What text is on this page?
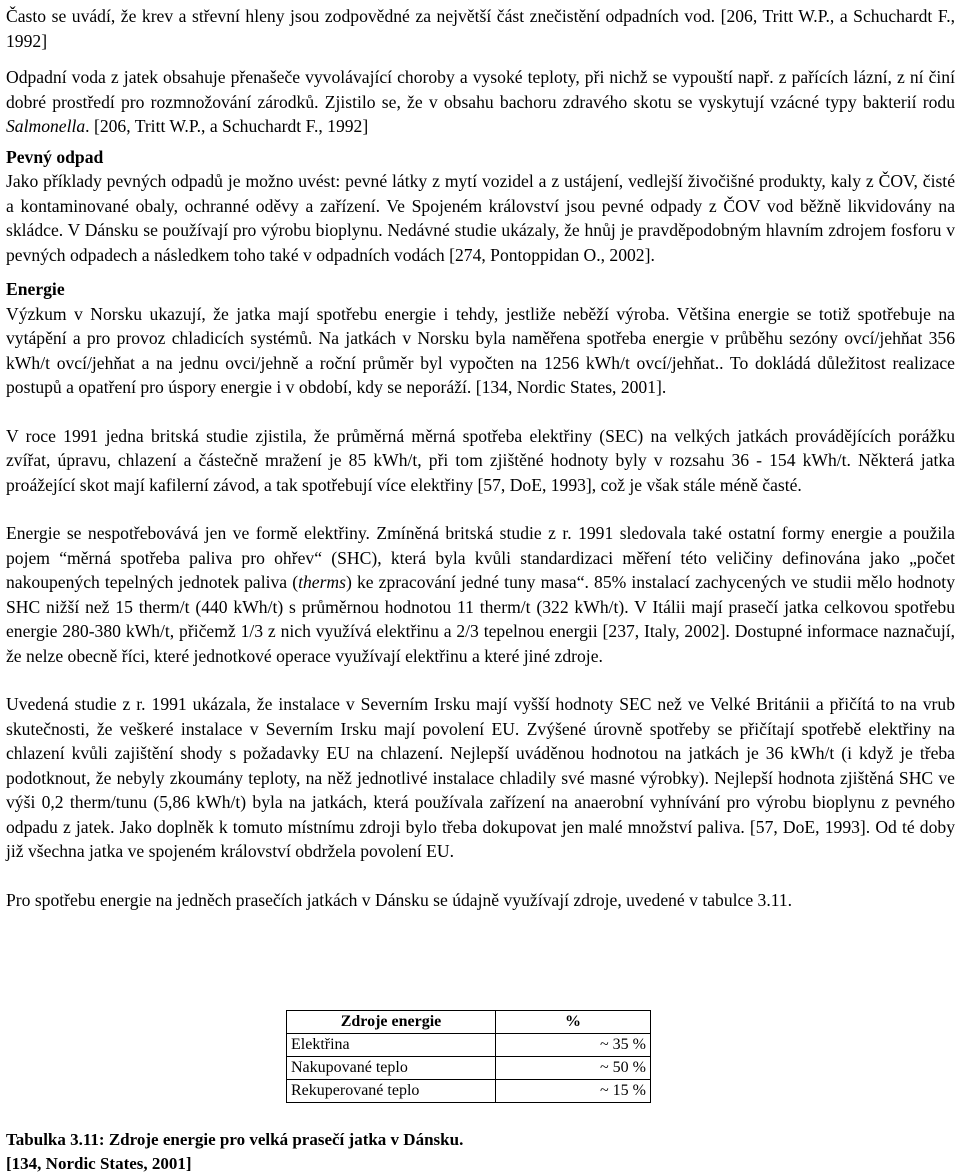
Často se uvádí, že krev a střevní hleny jsou zodpovědné za největší část znečistění odpadních vod. [206, Tritt W.P., a Schuchardt F., 1992]

Odpadní voda z jatek obsahuje přenašeče vyvolávající choroby a vysoké teploty, při nichž se vypouští např. z pařících lázní, z ní činí dobré prostředí pro rozmnožování zárodků. Zjistilo se, že v obsahu bachoru zdravého skotu se vyskytují vzácné typy bakterií rodu Salmonella. [206, Tritt W.P., a Schuchardt F., 1992]

Pevný odpad

Jako příklady pevných odpadů je možno uvést: pevné látky z mytí vozidel a z ustájení, vedlejší živočišné produkty, kaly z ČOV, čisté a kontaminované obaly, ochranné oděvy a zařízení. Ve Spojeném království jsou pevné odpady z ČOV vod běžně likvidovány na skládce. V Dánsku se používají pro výrobu bioplynu. Nedávné studie ukázaly, že hnůj je pravděpodobným hlavním zdrojem fosforu v pevných odpadech a následkem toho také v odpadních vodách [274, Pontoppidan O., 2002].

Energie

Výzkum v Norsku ukazují, že jatka mají spotřebu energie i tehdy, jestliže neběží výroba. Většina energie se totiž spotřebuje na vytápění a pro provoz chladicích systémů. Na jatkách v Norsku byla naměřena spotřeba energie v průběhu sezóny ovcí/jehňat 356 kWh/t ovcí/jehňat a na jednu ovci/jehně a roční průměr byl vypočten na 1256 kWh/t ovcí/jehňat.. To dokládá důležitost realizace postupů a opatření pro úspory energie i v období, kdy se neporáží. [134, Nordic States, 2001].

V roce 1991 jedna britská studie zjistila, že průměrná měrná spotřeba elektřiny (SEC) na velkých jatkách provádějících porážku zvířat, úpravu, chlazení a částečně mražení je 85 kWh/t, při tom zjištěné hodnoty byly v rozsahu 36 - 154 kWh/t. Některá jatka proážející skot mají kafilerní závod, a tak spotřebují více elektřiny [57, DoE, 1993], což je však stále méně časté.

Energie se nespotřebovává jen ve formě elektřiny. Zmíněná britská studie z r. 1991 sledovala také ostatní formy energie a použila pojem “měrná spotřeba paliva pro ohřev“ (SHC), která byla kvůli standardizaci měření této veličiny definována jako „počet nakoupených tepelných jednotek paliva (therms) ke zpracování jedné tuny masa“. 85% instalací zachycených ve studii mělo hodnoty SHC nižší než 15 therm/t (440 kWh/t) s průměrnou hodnotou 11 therm/t (322 kWh/t). V Itálii mají prasečí jatka celkovou spotřebu energie 280-380 kWh/t, přičemž 1/3 z nich využívá elektřinu a 2/3 tepelnou energii [237, Italy, 2002]. Dostupné informace naznačují, že nelze obecně říci, které jednotkové operace využívají elektřinu a které jiné zdroje.

Uvedená studie z r. 1991 ukázala, že instalace v Severním Irsku mají vyšší hodnoty SEC než ve Velké Británii a přičítá to na vrub skutečnosti, že veškeré instalace v Severním Irsku mají povolení EU. Zvýšené úrovně spotřeby se přičítají spotřebě elektřiny na chlazení kvůli zajištění shody s požadavky EU na chlazení. Nejlepší uváděnou hodnotou na jatkách je 36 kWh/t (i když je třeba podotknout, že nebyly zkoumány teploty, na něž jednotlivé instalace chladily své masné výrobky). Nejlepší hodnota zjištěná SHC ve výši 0,2 therm/tunu (5,86 kWh/t) byla na jatkách, která používala zařízení na anaerobní vyhnívání pro výrobu bioplynu z pevného odpadu z jatek. Jako doplněk k tomuto místnímu zdroji bylo třeba dokupovat jen malé množství paliva. [57, DoE, 1993]. Od té doby již všechna jatka ve spojeném království obdržela povolení EU.

Pro spotřebu energie na jedněch prasečích jatkách v Dánsku se údajně využívají zdroje, uvedené v tabulce 3.11.

Zdroje energie	%
Elektřina	~ 35 %
Nakupované teplo	~ 50 %
Rekuperované teplo	~ 15 %
Tabulka 3.11: Zdroje energie pro velká prasečí jatka v Dánsku.
[134, Nordic States, 2001]
